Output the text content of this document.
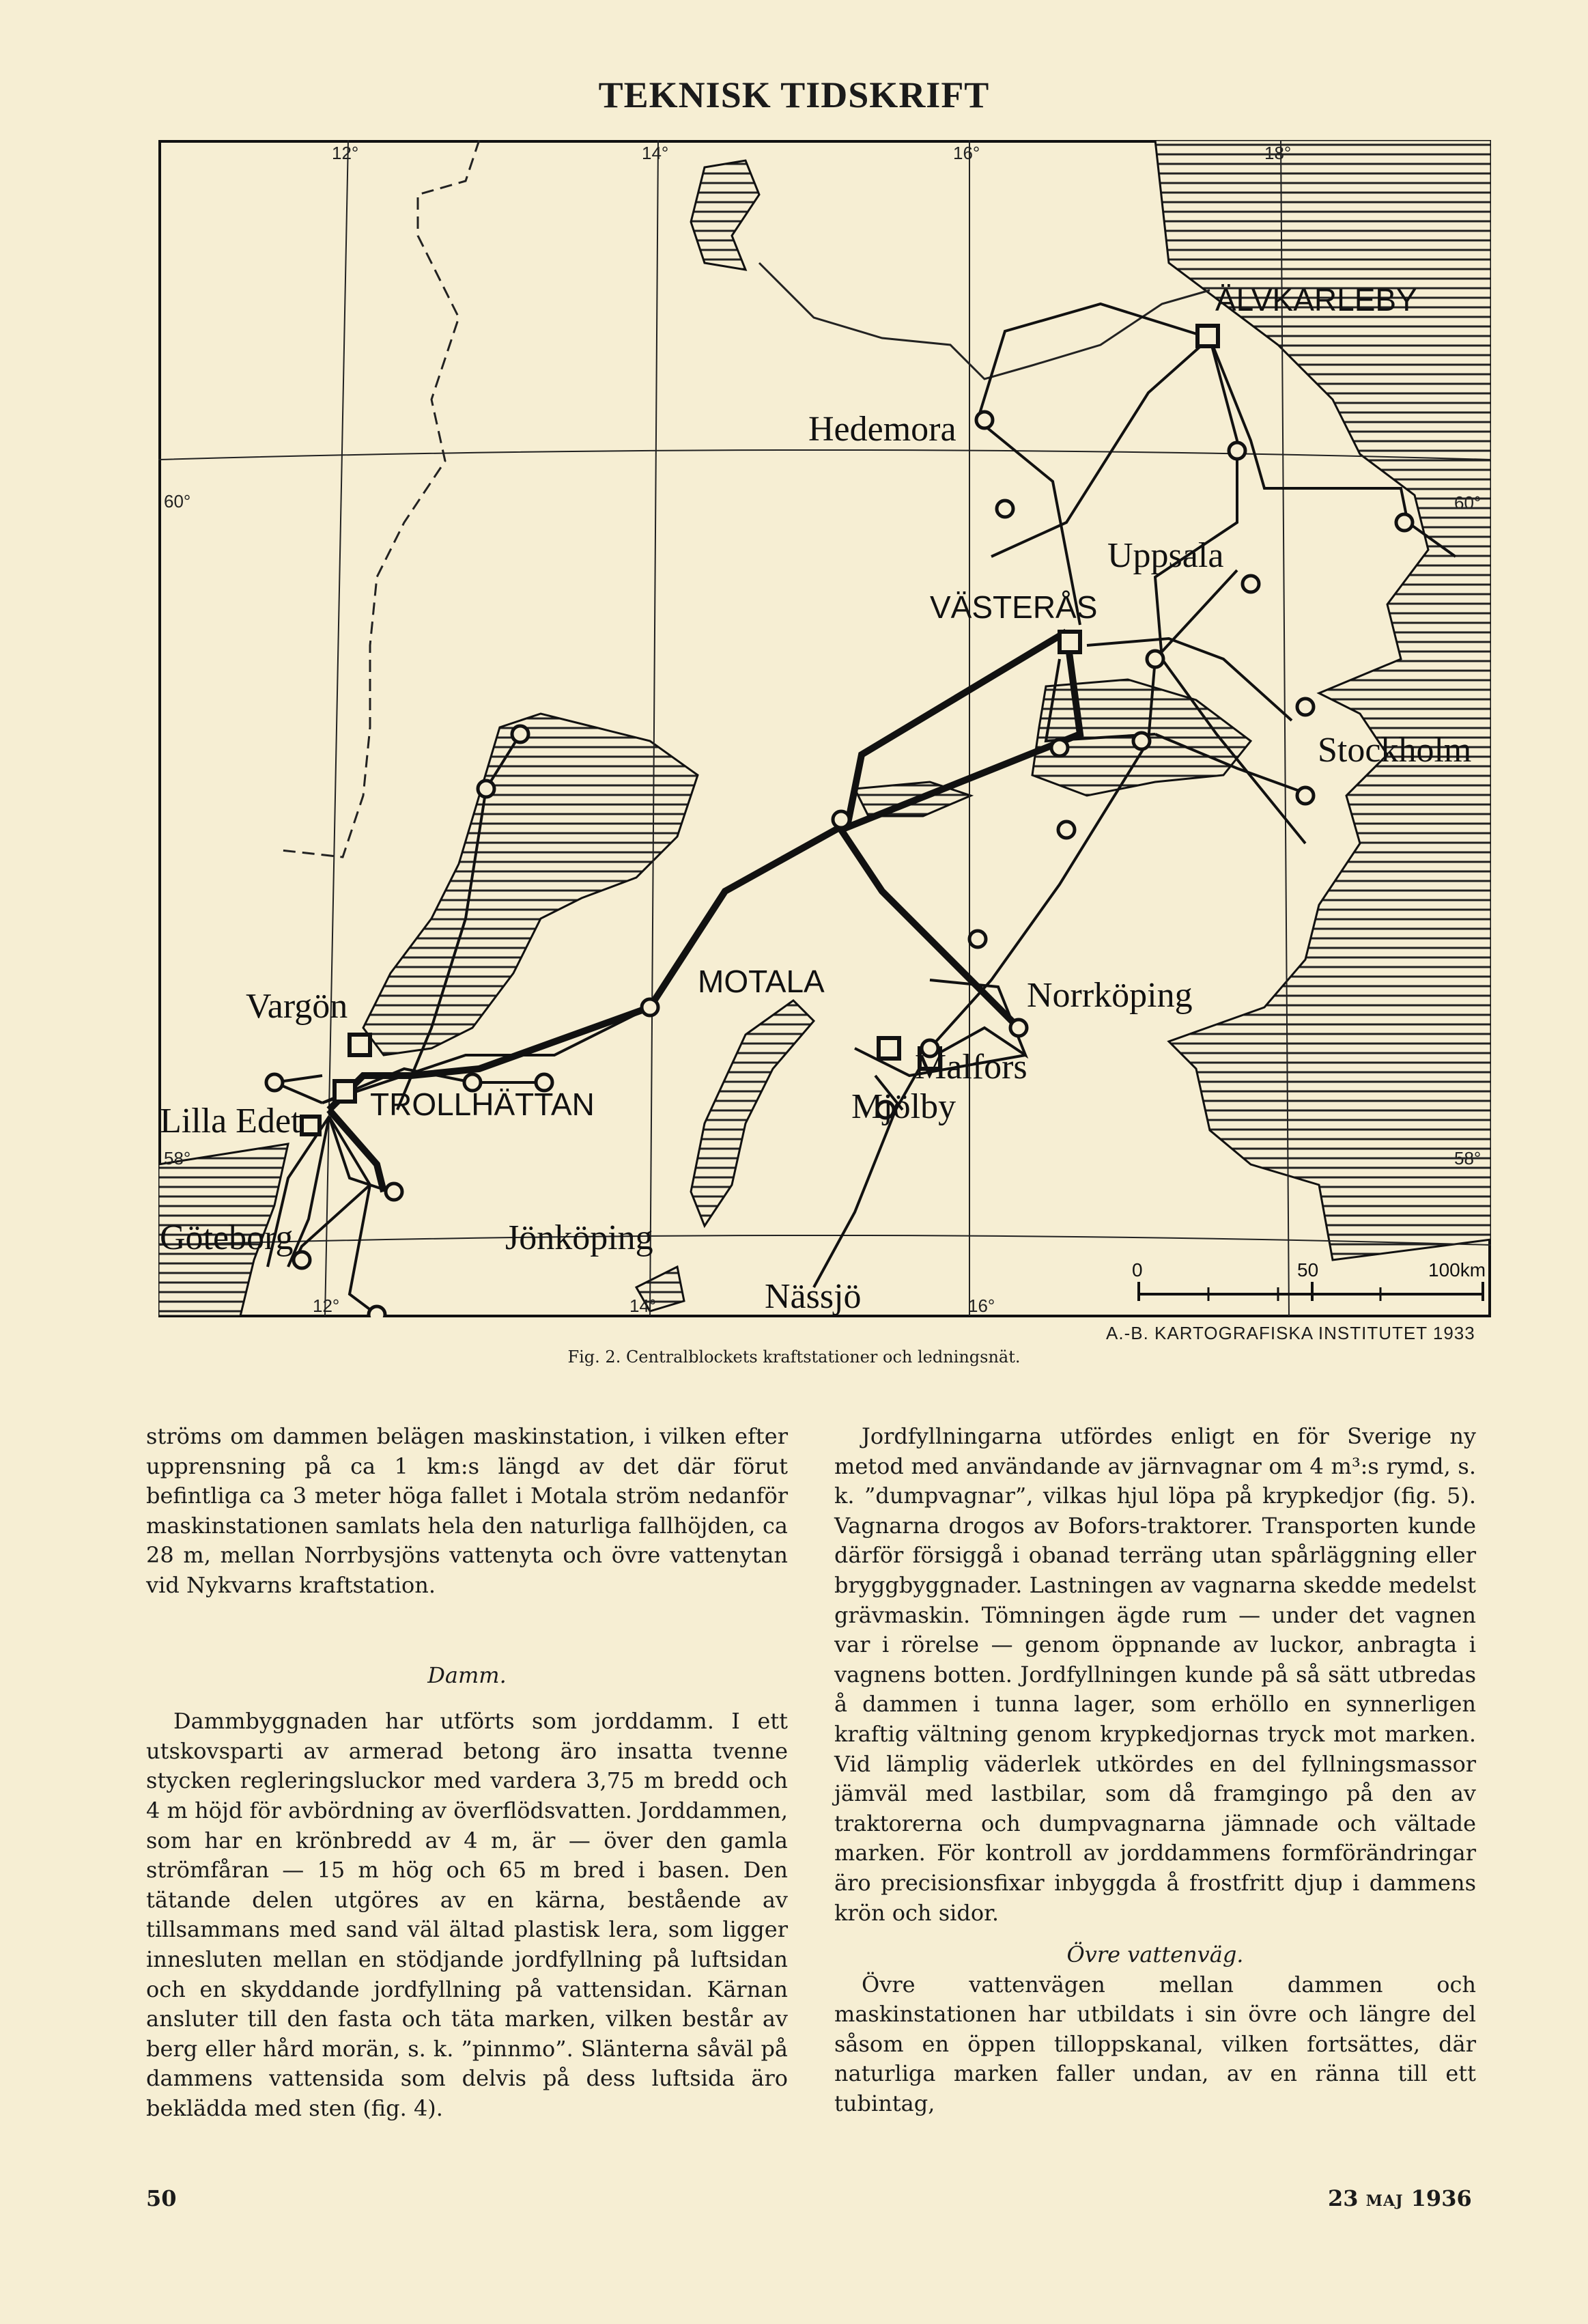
TEKNISK TIDSKRIFT
12°	14°	16°	18°
12°	14°	16°
60°	60°
58°	58°
ÄLVKARLEBY
Hedemora
Uppsala
VÄSTERÅS
Stockholm
Vargön
Lilla Edet TROLLHÄTTAN
Göteborg	Jönköping
Nässjö
MOTALA
Malfors
Mjölby
Norrköping
0	50	100km
A.-B. KARTOGRAFISKA INSTITUTET 1933
Fig. 2. Centralblockets kraftstationer och ledningsnät.

ströms om dammen belägen maskinstation, i vilken efter upprensning på ca 1 km:s längd av det där förut befintliga ca 3 meter höga fallet i Motala ström nedanför maskinstationen samlats hela den naturliga fallhöjden, ca 28 m, mellan Norrbysjöns vattenyta och övre vattenytan vid Nykvarns kraftstation.

Damm.

Dammbyggnaden har utförts som jorddamm. I ett utskovsparti av armerad betong äro insatta tvenne stycken regleringsluckor med vardera 3,75 m bredd och 4 m höjd för avbördning av överflödsvatten. Jorddammen, som har en krönbredd av 4 m, är — över den gamla strömfåran — 15 m hög och 65 m bred i basen. Den tätande delen utgöres av en kärna, bestående av tillsammans med sand väl ältad plastisk lera, som ligger innesluten mellan en stödjande jordfyllning på luftsidan och en skyddande jordfyllning på vattensidan. Kärnan ansluter till den fasta och täta marken, vilken består av berg eller hård morän, s. k. ”pinnmo”. Slänterna såväl på dammens vattensida som delvis på dess luftsida äro beklädda med sten (fig. 4).

Jordfyllningarna utfördes enligt en för Sverige ny metod med användande av järnvagnar om 4 m³:s rymd, s. k. ”dumpvagnar”, vilkas hjul löpa på krypkedjor (fig. 5). Vagnarna drogos av Bofors-traktorer. Transporten kunde därför försiggå i obanad terräng utan spårläggning eller bryggbyggnader. Lastningen av vagnarna skedde medelst grävmaskin. Tömningen ägde rum — under det vagnen var i rörelse — genom öppnande av luckor, anbragta i vagnens botten. Jordfyllningen kunde på så sätt utbredas å dammen i tunna lager, som erhöllo en synnerligen kraftig vältning genom krypkedjornas tryck mot marken. Vid lämplig väderlek utkördes en del fyllningsmassor jämväl med lastbilar, som då framgingo på den av traktorerna och dumpvagnarna jämnade och vältade marken. För kontroll av jorddammens formförändringar äro precisionsfixar inbyggda å frostfritt djup i dammens krön och sidor.

Övre vattenväg.

Övre vattenvägen mellan dammen och maskinstationen har utbildats i sin övre och längre del såsom en öppen tilloppskanal, vilken fortsättes, där naturliga marken faller undan, av en ränna till ett tubintag,

50	23 MAJ 1936
